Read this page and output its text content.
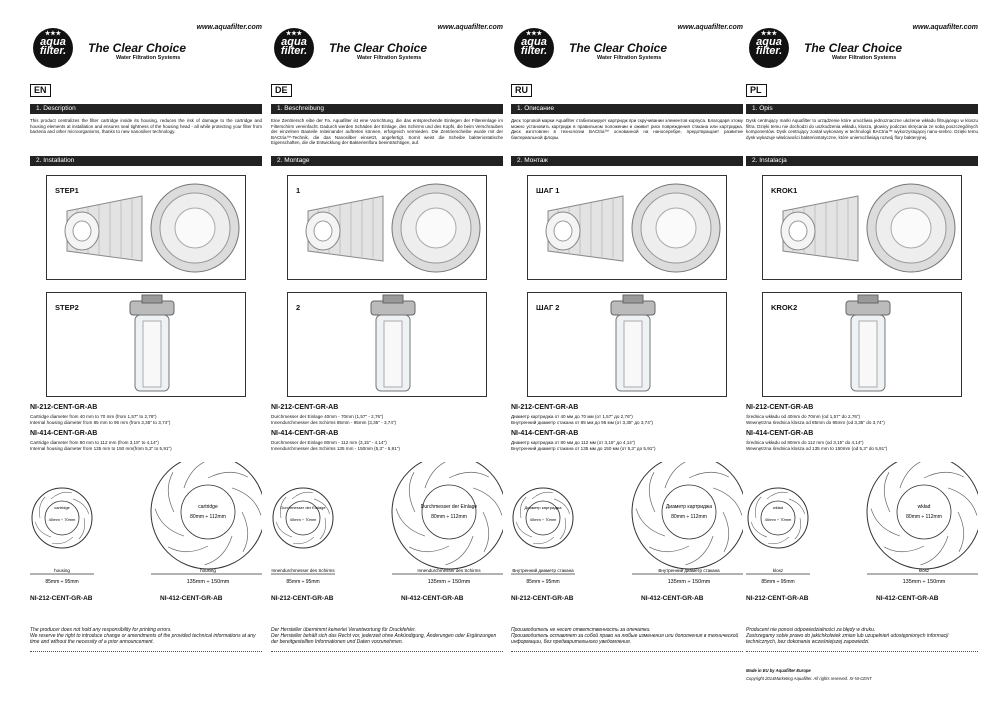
www.aquafilter.com
★★★
aqua
filter.	The Clear Choice
Water Filtration Systems
EN
1. Description
This product centralizes the filter cartridge inside its housing, reduces the risk of damage to the cartridge and housing elements at installation and ensures seal tightness of the housing head - all while protecting your filter from bacteria and other microorganisms, thanks to new nanosilver technology.
2. Installation
STEP1
STEP2
NI-212-CENT-GR-AB
Cartridge diameter from 40 mm to 70 mm (from 1,57" to 2,76")
Internal housing diameter from 85 mm to 95 mm (from 3,35" to 3,74")
NI-414-CENT-GR-AB
Cartridge diameter from 80 mm to 112 mm (from 3,15" to 4,14")
Internal housing diameter from 135 mm to 150 mm(from 5,3" to 5,91")
cartridge
40mm ÷ 70mm
housing
85mm ÷ 95mm
cartridge
80mm ÷ 112mm
housing
135mm ÷ 150mm
NI-212-CENT-GR-AB	NI-412-CENT-GR-AB
The producer does not hold any responsibility for printing errors.
We reserve the right to introduce change or amendments of the provided technical informations at any time and without the necessity of a prior announcement.
www.aquafilter.com
★★★
aqua
filter.	The Clear Choice
Water Filtration Systems
DE
1. Beschreibung
Eine Zentriersch eibe der Fa. Aquafilter ist eine Vorrichtung, die das entsprechende Einlegen der Filtereinlage im Filterschirm vereinfacht. Dadurch werden Schäden der Einlage, des Schirms und des Kopfs, die beim Verschrauben der einzelnen Bauteile miteinander auftreten können, erfolgreich vermieden. Die Zentrierscheibe wurde mit der BACtria™-Technik, die das Nanosilber einsetzt, angefertigt. Somit weist die Scheibe bakteriostatische Eigenschaften, die die Entwicklung der Bakterienflora beeinträchtigen, auf.
2. Montage
1
2
NI-212-CENT-GR-AB
Durchmesser der Einlage 40mm - 70mm (1,57" - 2,76")
Innendurchmesser des Schirms 85mm - 95mm (3,35" - 3,74")
NI-414-CENT-GR-AB
Durchmesser der Einlage 80mm - 112 mm (3,15" - 4,14")
Innendurchmesser des Schirms 135 mm - 150mm (5,3" - 5,91")
Durchmesser der Einlage
40mm ÷ 70mm
Innendurchmesser des Schirms
85mm ÷ 95mm
Durchmesser der Einlage
80mm ÷ 112mm
Innendurchmesser des Schirms
135mm ÷ 150mm
NI-212-CENT-GR-AB	NI-412-CENT-GR-AB
Der Hersteller übernimmt keinerlei Verantwortung für Druckfehler.
Der Hersteller behält sich das Recht vor, jederzeit ohne Ankündigung, Änderungen oder Ergänzungen der bereitgestellten Informationen und Daten vorzunehmen.
www.aquafilter.com
★★★
aqua
filter.	The Clear Choice
Water Filtration Systems
RU
1. Описание
Диск торговой марки Aquafilter стабилизирует картридж при скручивании элементов корпуса. Благодаря этому можно установить картридж в правильном положении и оживит риск повреждения стакана или картриджа. Диск изготовлен в технологии BACtria™ основанной на наносеребре, предотвращает развитие бактериальной флоры.
2. Монтаж
ШАГ 1
ШАГ 2
NI-212-CENT-GR-AB
Диаметр картриджа от 40 мм до 70 мм (от 1,57" до 2,76")
Внутренний диаметр стакана от 85 мм до 95 мм (от 3,35" до 3,74")
NI-414-CENT-GR-AB
Диаметр картриджа от 80 мм до 112 мм (от 3,15" до 4,14")
Внутренний диаметр стакана от 135 мм до 150 мм (от 5,3" до 5,91")
Диаметр картриджа
40mm ÷ 70mm
Внутренний диаметр стакана
85mm ÷ 95mm
Диаметр картриджа
80mm ÷ 112mm
Внутренний диаметр стакана
135mm ÷ 150mm
NI-212-CENT-GR-AB	NI-412-CENT-GR-AB
Производитель не несет ответственность за опечатки.
Производитель оставляет за собой право на любые изменения или дополнения в технической информации, без предварительного уведомления.
www.aquafilter.com
★★★
aqua
filter.	The Clear Choice
Water Filtration Systems
PL
1. Opis
Dysk centrujący marki Aquafilter to urządzenie które umożliwia jednoznaczne ułożenie wkładu filtrującego w kloszu filtra. Dzięki temu nie dochodzi do uszkodzenia wkładu, klosza, głowicy podczas skręcania ze sobą poszczególnych komponentów. Dysk centrujący został wykonany w technologii BACtria™ wykorzystującej nano-srebro. Dzięki temu dysk wykazuje właściwości bakteriostatyczne, które uniemożliwiają rozwój flory bakteryjnej.
2. Instalacja
KROK1
KROK2
NI-212-CENT-GR-AB
Średnica wkładu od 40mm do 70mm (od 1,57" do 2,76")
Wewnętrzna średnica klosza od 85mm do 95mm (od 3,35" do 3,74")
NI-414-CENT-GR-AB
Średnica wkładu od 80mm do 112 mm (od 3,15" do 4,14")
Wewnętrzna średnica klosza od 135 mm to 150mm (od 5,3" do 5,91")
wkład
40mm ÷ 70mm
klosz
85mm ÷ 95mm
wkład
80mm ÷ 112mm
klosz
135mm ÷ 150mm
NI-212-CENT-GR-AB	NI-412-CENT-GR-AB
Producent nie ponosi odpowiedzialności za błędy w druku.
Zastrzegamy sobie prawo do jakichkolwiek zmian lub uzupełnień udostępnionych informacji technicznych, bez dokonania wcześniejszej zapowiedzi.
Made in EU by Aquafilter Europe
Copyright 2014Marketing Aquafilter. All rights reserved. XI-NI-CENT
